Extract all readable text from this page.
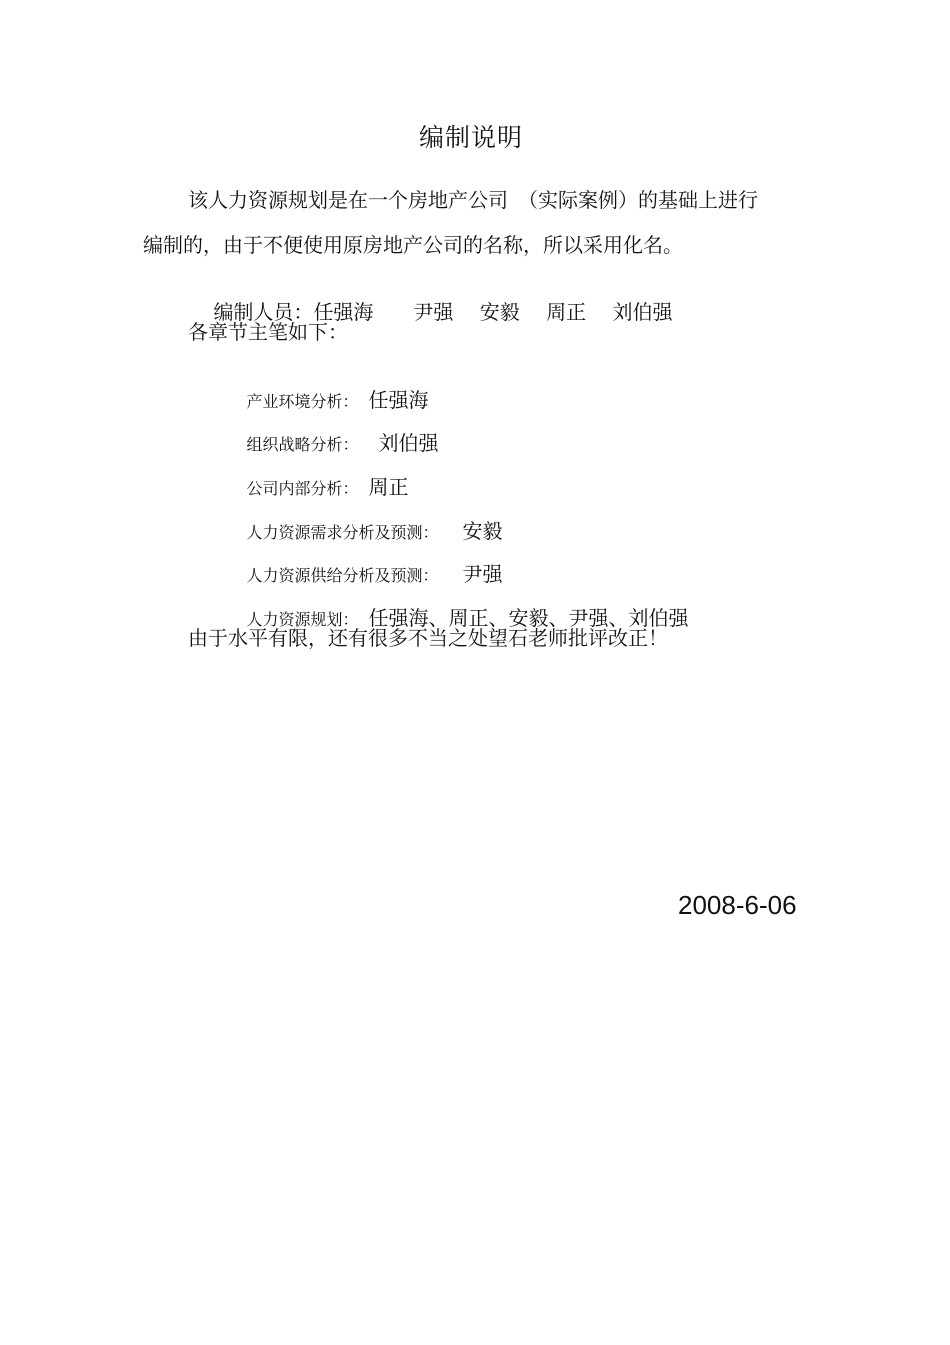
编制说明
该人力资源规划是在一个房地产公司　（实际案例）的基础上进行
编制的，由于不便使用原房地产公司的名称，所以采用化名。

编制人员：任强海　　尹强　 安毅　 周正　 刘伯强

各章节主笔如下：

产业环境分析： 任强海

组织战略分析： 刘伯强

公司内部分析： 周正

人力资源需求分析及预测： 安毅

人力资源供给分析及预测： 尹强

人力资源规划： 任强海、周正、安毅、尹强、刘伯强

由于水平有限，还有很多不当之处望石老师批评改正！
2008-6-06
